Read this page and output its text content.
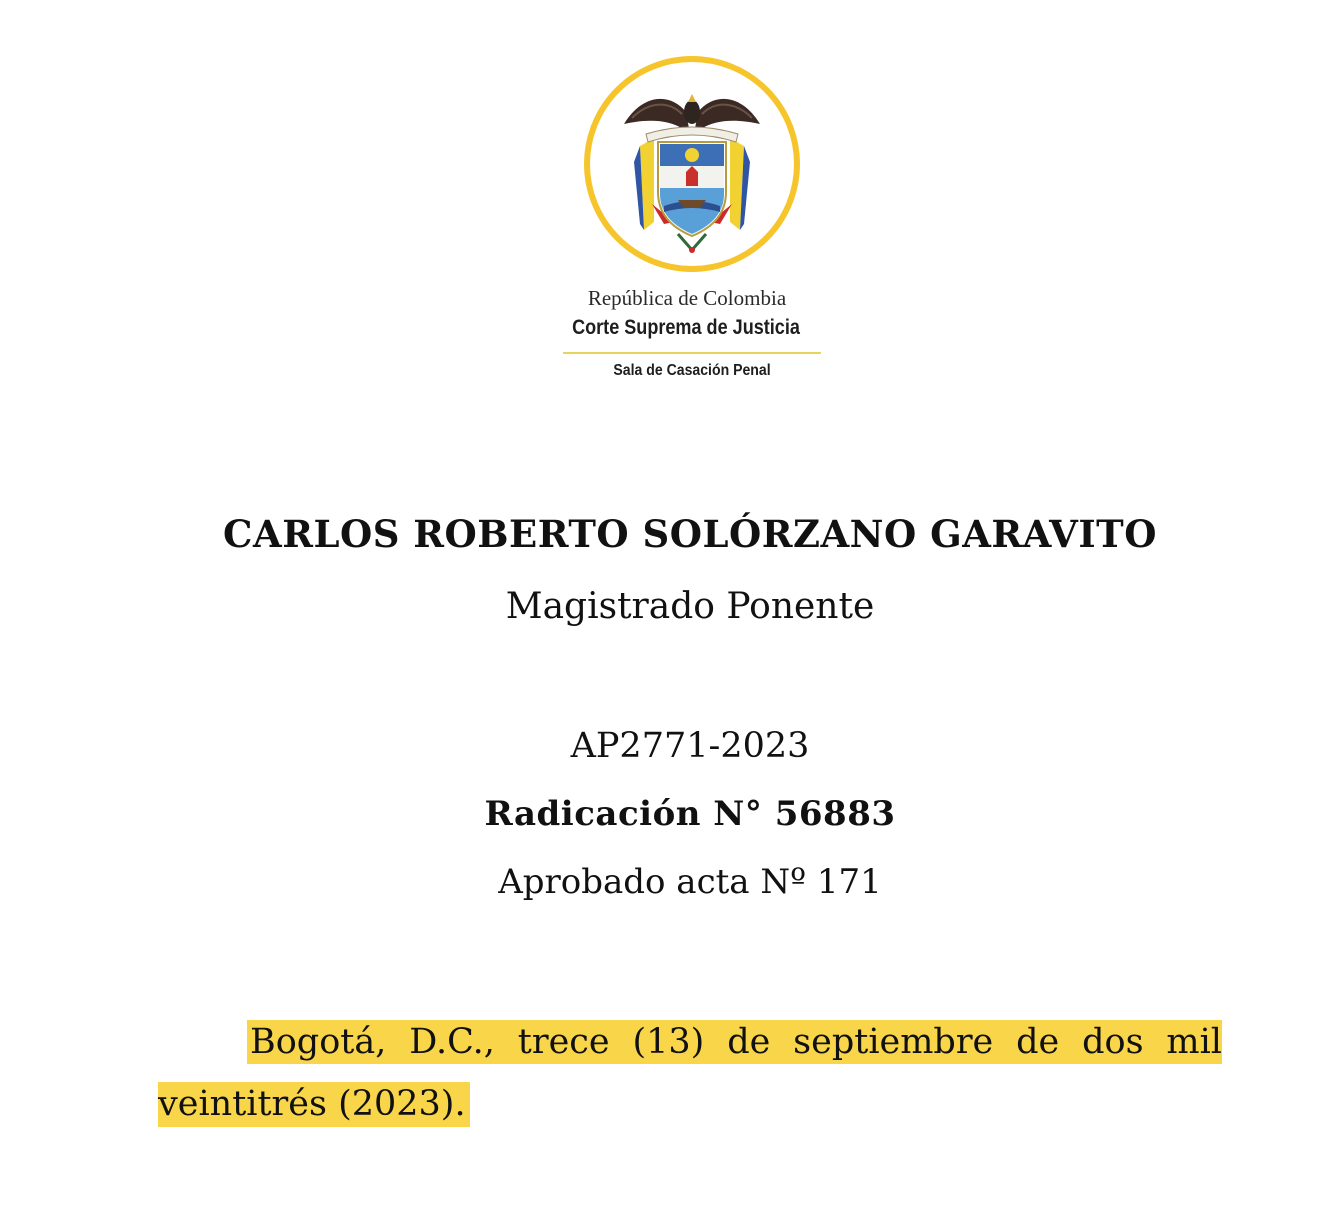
República de Colombia
Corte Suprema de Justicia
Sala de Casación Penal
CARLOS ROBERTO SOLÓRZANO GARAVITO
Magistrado Ponente
AP2771-2023
Radicación N° 56883
Aprobado acta Nº 171
Bogotá, D.C., trece (13) de septiembre de dos mil
veintitrés (2023).
